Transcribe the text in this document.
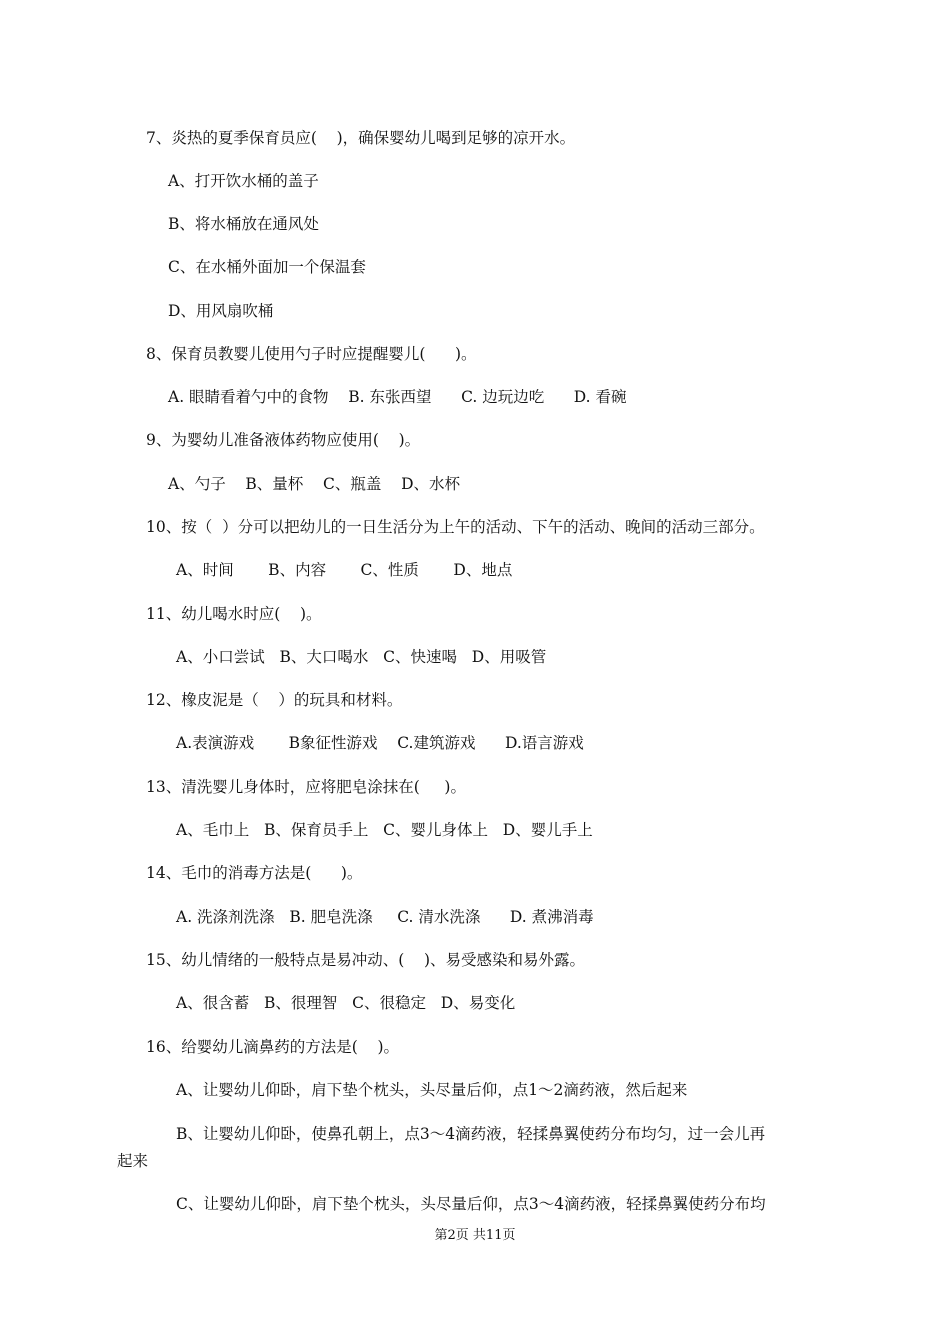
7、炎热的夏季保育员应(    )，确保婴幼儿喝到足够的凉开水。

A、打开饮水桶的盖子

B、将水桶放在通风处

C、在水桶外面加一个保温套

D、用风扇吹桶

8、保育员教婴儿使用勺子时应提醒婴儿(      )。

A. 眼睛看着勺中的食物    B. 东张西望      C. 边玩边吃      D. 看碗

9、为婴幼儿准备液体药物应使用(    )。

A、勺子    B、量杯    C、瓶盖    D、水杯

10、按（  ）分可以把幼儿的一日生活分为上午的活动、下午的活动、晚间的活动三部分。

A、时间       B、内容       C、性质       D、地点

11、幼儿喝水时应(    )。

A、小口尝试   B、大口喝水   C、快速喝   D、用吸管

12、橡皮泥是（    ）的玩具和材料。

A.表演游戏       B象征性游戏    C.建筑游戏      D.语言游戏

13、清洗婴儿身体时，应将肥皂涂抹在(     )。

A、毛巾上   B、保育员手上   C、婴儿身体上   D、婴儿手上

14、毛巾的消毒方法是(      )。

A. 洗涤剂洗涤   B. 肥皂洗涤     C. 清水洗涤      D. 煮沸消毒

15、幼儿情绪的一般特点是易冲动、(    )、易受感染和易外露。

A、很含蓄   B、很理智   C、很稳定   D、易变化

16、给婴幼儿滴鼻药的方法是(    )。

A、让婴幼儿仰卧，肩下垫个枕头，头尽量后仰，点1～2滴药液，然后起来

B、让婴幼儿仰卧，使鼻孔朝上，点3～4滴药液，轻揉鼻翼使药分布均匀，过一会儿再

起来

C、让婴幼儿仰卧，肩下垫个枕头，头尽量后仰，点3～4滴药液，轻揉鼻翼使药分布均

第2页 共11页
